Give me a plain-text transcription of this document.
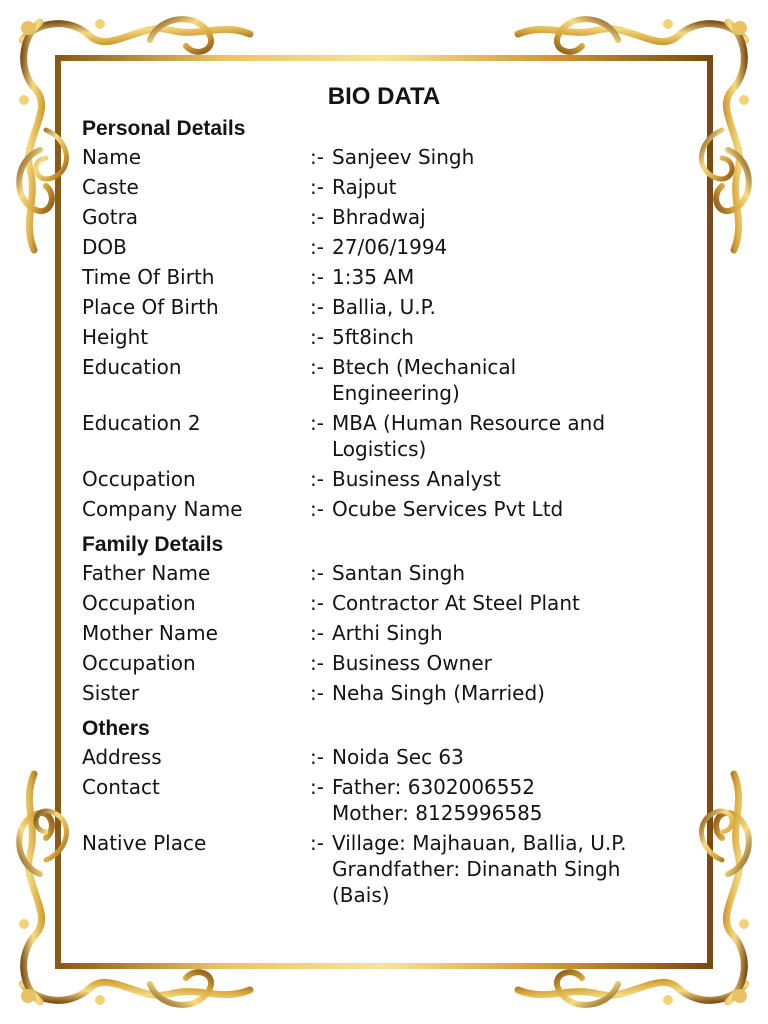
BIO DATA
Personal Details
Name	:- Sanjeev Singh
Caste	:- Rajput
Gotra	:- Bhradwaj
DOB	:- 27/06/1994
Time Of Birth	:- 1:35 AM
Place Of Birth	:- Ballia, U.P.
Height	:- 5ft8inch
Education	:- Btech (Mechanical
Engineering)
Education 2	:- MBA (Human Resource and
Logistics)
Occupation	:- Business Analyst
Company Name	:- Ocube Services Pvt Ltd
Family Details
Father Name	:- Santan Singh
Occupation	:- Contractor At Steel Plant
Mother Name	:- Arthi Singh
Occupation	:- Business Owner
Sister	:- Neha Singh (Married)
Others
Address	:- Noida Sec 63
Contact	:- Father: 6302006552
Mother: 8125996585
Native Place	:- Village: Majhauan, Ballia, U.P.
Grandfather: Dinanath Singh
(Bais)
